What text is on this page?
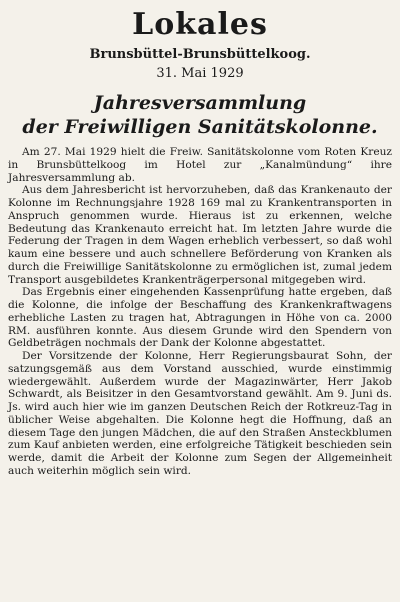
Lokales
Brunsbüttel-Brunsbüttelkoog.
31. Mai 1929
Jahresversammlung
der Freiwilligen Sanitätskolonne.

Am 27. Mai 1929 hielt die Freiw. Sanitätskolonne vom Roten Kreuz in Brunsbüttelkoog im Hotel zur „Kanalmündung“ ihre Jahresversammlung ab.

Aus dem Jahresbericht ist hervorzuheben, daß das Krankenauto der Kolonne im Rechnungsjahre 1928 169 mal zu Krankentransporten in Anspruch genommen wurde. Hieraus ist zu erkennen, welche Bedeutung das Krankenauto erreicht hat. Im letzten Jahre wurde die Federung der Tragen in dem Wagen erheblich verbessert, so daß wohl kaum eine bessere und auch schnellere Beförderung von Kranken als durch die Freiwillige Sanitätskolonne zu ermöglichen ist, zumal jedem Transport ausgebildetes Krankenträgerpersonal mitgegeben wird.

Das Ergebnis einer eingehenden Kassenprüfung hatte ergeben, daß die Kolonne, die infolge der Beschaffung des Krankenkraftwagens erhebliche Lasten zu tragen hat, Abtragungen in Höhe von ca. 2000 RM. ausführen konnte. Aus diesem Grunde wird den Spendern von Geldbeträgen nochmals der Dank der Kolonne abgestattet.

Der Vorsitzende der Kolonne, Herr Regierungsbaurat Sohn, der satzungsgemäß aus dem Vorstand ausschied, wurde einstimmig wiedergewählt. Außerdem wurde der Magazinwärter, Herr Jakob Schwardt, als Beisitzer in den Gesamtvorstand gewählt. Am 9. Juni ds. Js. wird auch hier wie im ganzen Deutschen Reich der Rotkreuz-Tag in üblicher Weise abgehalten. Die Kolonne hegt die Hoffnung, daß an diesem Tage den jungen Mädchen, die auf den Straßen Ansteckblumen zum Kauf anbieten werden, eine erfolgreiche Tätigkeit beschieden sein werde, damit die Arbeit der Kolonne zum Segen der Allgemeinheit auch weiterhin möglich sein wird.
